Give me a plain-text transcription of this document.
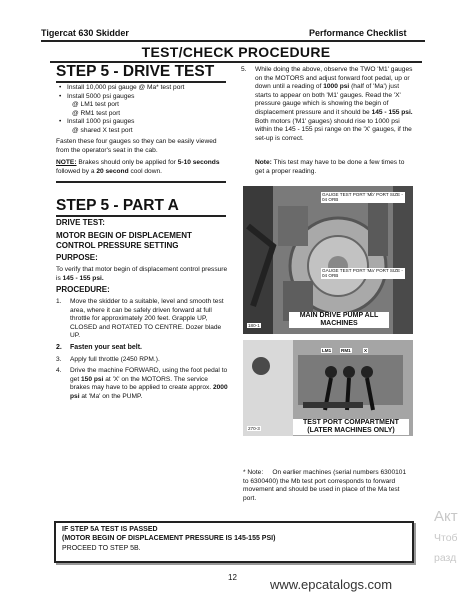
Tigercat 630 Skidder	Performance Checklist
TEST/CHECK PROCEDURE
STEP 5 - DRIVE TEST
• Install 10,000 psi gauge @ Ma* test port
• Install 5000 psi gauges
@ LM1 test port
@ RM1 test port
• Install 1000 psi gauges
@ shared X test port
Fasten these four gauges so they can be easily viewed from the operator's seat in the cab.
NOTE: Brakes should only be applied for 5-10 seconds followed by a 20 second cool down.
STEP 5 - PART A
DRIVE TEST:
MOTOR BEGIN OF DISPLACEMENT CONTROL PRESSURE SETTING
PURPOSE:
To verify that motor begin of displacement control pressure is 145 - 155 psi.
PROCEDURE:
1.	Move the skidder to a suitable, level and smooth test area, where it can be safely driven forward at full throttle for approximately 200 feet. Grapple UP, CLOSED and ROTATED TO CENTRE. Dozer blade UP.
2.	Fasten your seat belt.
3.	Apply full throttle (2450 RPM.).
4.	Drive the machine FORWARD, using the foot pedal to get 150 psi at 'X' on the MOTORS. The service brakes may have to be applied to create approx. 2000 psi at 'Ma' on the PUMP.
5.	While doing the above, observe the TWO 'M1' gauges on the MOTORS and adjust forward foot pedal, up or down until a reading of 1000 psi (half of 'Ma') just starts to appear on both 'M1' gauges. Read the 'X' pressure gauge which is showing the begin of displacement pressure and it should be 145 - 155 psi. Both motors ('M1' gauges) should rise to 1000 psi within the 145 - 155 psi range on the 'X' gauges, if the set-up is correct.
Note: This test may have to be done a few times to get a proper reading.
GAUGE TEST PORT 'Mb' PORT SIZE - 04 ORB
GAUGE TEST PORT 'Ma' PORT SIZE - 04 ORB
MAIN DRIVE PUMP ALL MACHINES
180-1
LM1 RM1	X
TEST PORT COMPARTMENT (LATER MACHINES ONLY)
270-3
* Note: On earlier machines (serial numbers 6300101 to 6300400) the Mb test port corresponds to forward movement and should be used in place of the Ma test port.
IF STEP 5A TEST IS PASSED
(MOTOR BEGIN OF DISPLACEMENT PRESSURE IS 145-155 PSI)
PROCEED TO STEP 5B.
12	www.epcatalogs.com
Акт
Чтоб
разд
